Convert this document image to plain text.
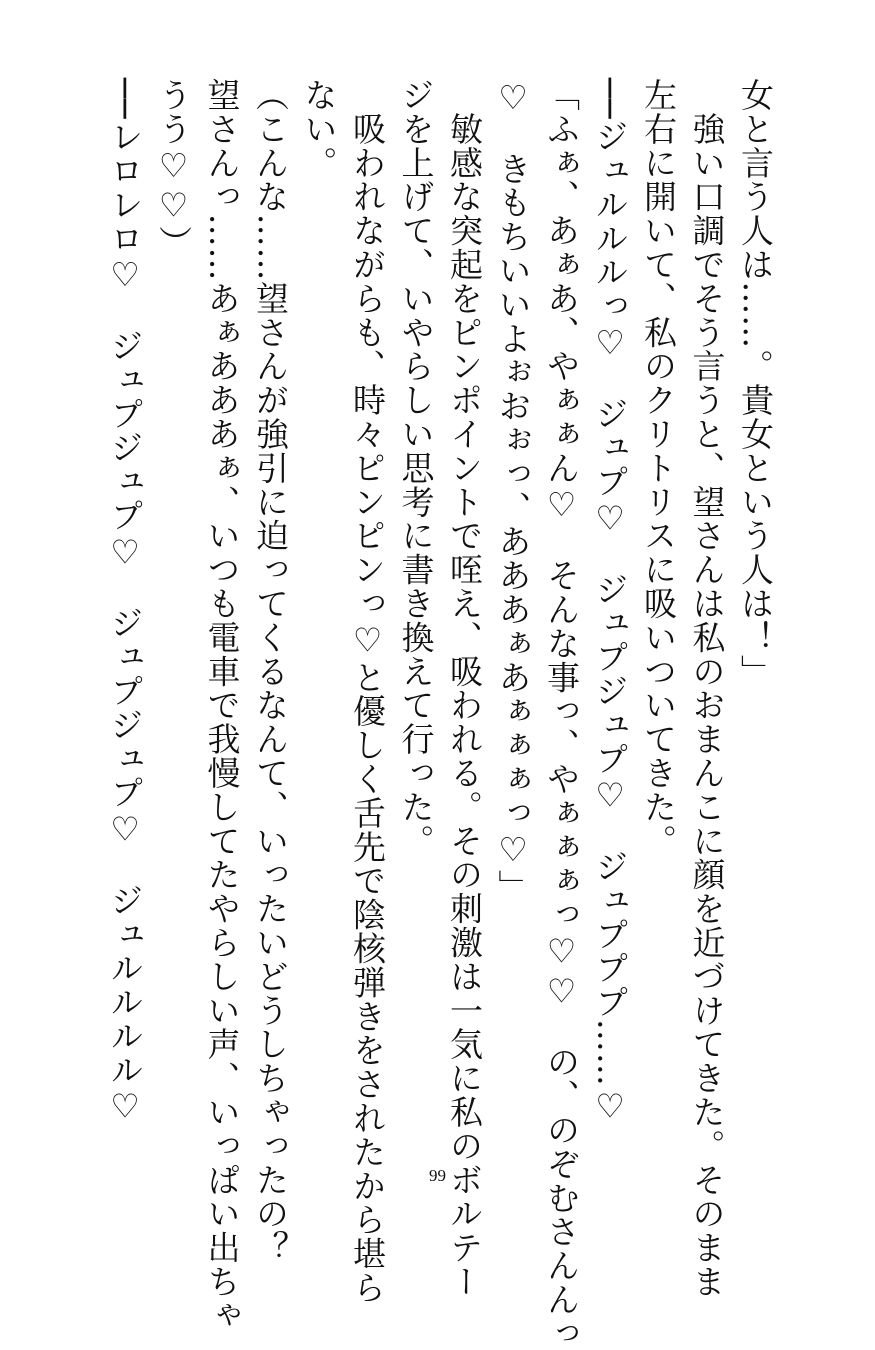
女と言う人は……。貴女という人は！」
　強い口調でそう言うと、望さんは私のおまんこに顔を近づけてきた。そのまま
左右に開いて、私のクリトリスに吸いついてきた。
──ジュルルルっ♡　ジュプ♡　ジュプジュプ♡　ジュプププ……♡
「ふぁ、あぁあ、やぁぁん♡　そんな事っ、やぁぁぁっ♡♡　の、のぞむさんんっ
♡　きもちいいよぉおぉっ、あああぁあぁぁぁっ♡」
　敏感な突起をピンポイントで咥え、吸われる。その刺激は一気に私のボルテー
ジを上げて、いやらしい思考に書き換えて行った。
　吸われながらも、時々ピンピンっ♡と優しく舌先で陰核弾きをされたから堪ら
ない。
（こんな……望さんが強引に迫ってくるなんて、いったいどうしちゃったの？
望さんっ……あぁあああぁ、いつも電車で我慢してたやらしい声、いっぱい出ちゃ
うう♡♡）
──レロレロ♡　ジュプジュプ♡　ジュプジュプ♡　ジュルルルル♡
99
